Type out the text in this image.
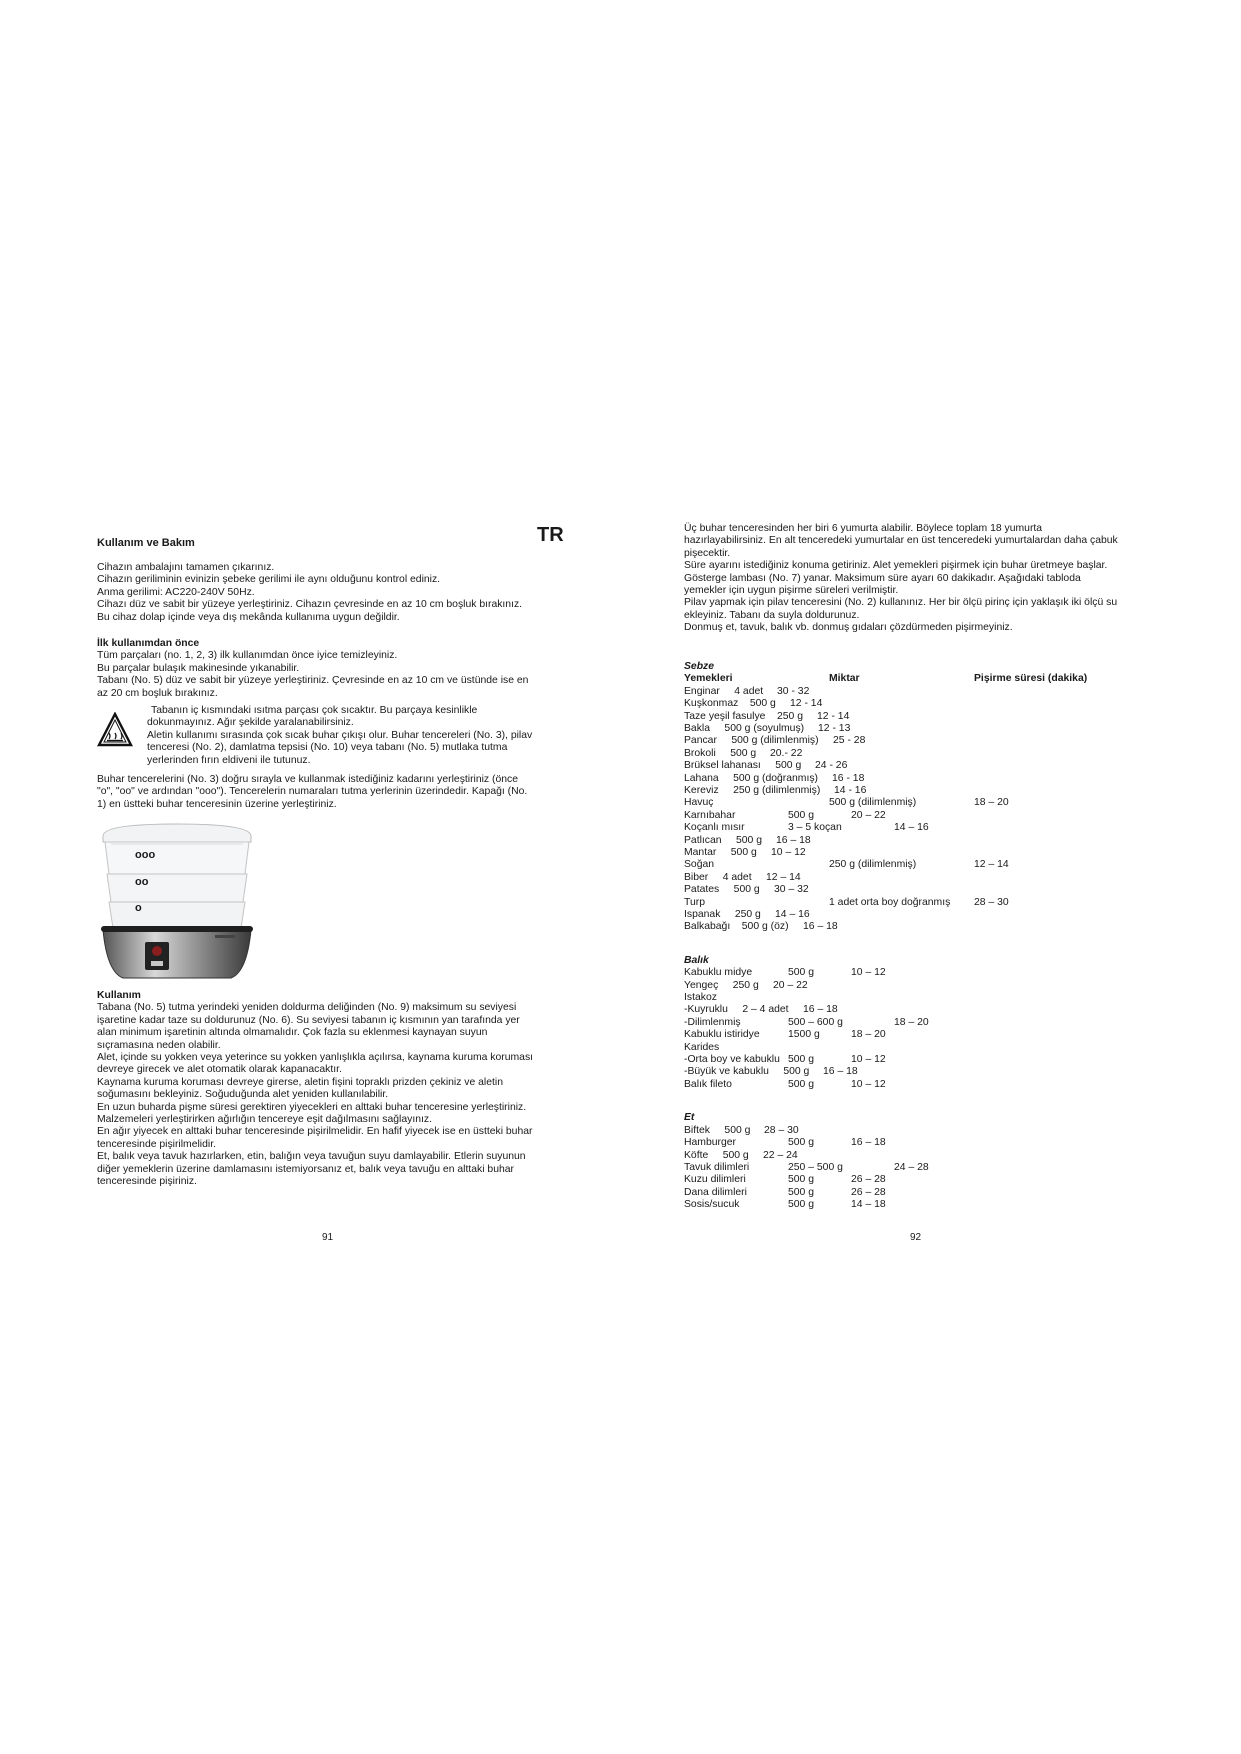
Kullanım ve Bakım	TR

Cihazın ambalajını tamamen çıkarınız.

Cihazın geriliminin evinizin şebeke gerilimi ile aynı olduğunu kontrol ediniz.

Anma gerilimi: AC220-240V 50Hz.

Cihazı düz ve sabit bir yüzeye yerleştiriniz. Cihazın çevresinde en az 10 cm boşluk bırakınız.

Bu cihaz dolap içinde veya dış mekânda kullanıma uygun değildir.

İlk kullanımdan önce

Tüm parçaları (no. 1, 2, 3) ilk kullanımdan önce iyice temizleyiniz.

Bu parçalar bulaşık makinesinde yıkanabilir.

Tabanı (No. 5) düz ve sabit bir yüzeye yerleştiriniz. Çevresinde en az 10 cm ve üstünde ise en

az 20 cm boşluk bırakınız.

Tabanın iç kısmındaki ısıtma parçası çok sıcaktır. Bu parçaya kesinlikle

dokunmayınız. Ağır şekilde yaralanabilirsiniz.

Aletin kullanımı sırasında çok sıcak buhar çıkışı olur. Buhar tencereleri (No. 3), pilav

tenceresi (No. 2), damlatma tepsisi (No. 10) veya tabanı (No. 5) mutlaka tutma

yerlerinden fırın eldiveni ile tutunuz.

Buhar tencerelerini (No. 3) doğru sırayla ve kullanmak istediğiniz kadarını yerleştiriniz (önce

"o", "oo" ve ardından "ooo"). Tencerelerin numaraları tutma yerlerinin üzerindedir. Kapağı (No.

1) en üstteki buhar tenceresinin üzerine yerleştiriniz.

ooo
oo
o

Kullanım

Tabana (No. 5) tutma yerindeki yeniden doldurma deliğinden (No. 9) maksimum su seviyesi

işaretine kadar taze su doldurunuz (No. 6). Su seviyesi tabanın iç kısmının yan tarafında yer

alan minimum işaretinin altında olmamalıdır. Çok fazla su eklenmesi kaynayan suyun

sıçramasına neden olabilir.

Alet, içinde su yokken veya yeterince su yokken yanlışlıkla açılırsa, kaynama kuruma koruması

devreye girecek ve alet otomatik olarak kapanacaktır.

Kaynama kuruma koruması devreye girerse, aletin fişini topraklı prizden çekiniz ve aletin

soğumasını bekleyiniz. Soğuduğunda alet yeniden kullanılabilir.

En uzun buharda pişme süresi gerektiren yiyecekleri en alttaki buhar tenceresine yerleştiriniz.

Malzemeleri yerleştirirken ağırlığın tencereye eşit dağılmasını sağlayınız.

En ağır yiyecek en alttaki buhar tenceresinde pişirilmelidir. En hafif yiyecek ise en üstteki buhar

tenceresinde pişirilmelidir.

Et, balık veya tavuk hazırlarken, etin, balığın veya tavuğun suyu damlayabilir. Etlerin suyunun

diğer yemeklerin üzerine damlamasını istemiyorsanız et, balık veya tavuğu en alttaki buhar

tenceresinde pişiriniz.

91

Üç buhar tenceresinden her biri 6 yumurta alabilir. Böylece toplam 18 yumurta

hazırlayabilirsiniz. En alt tenceredeki yumurtalar en üst tenceredeki yumurtalardan daha çabuk

pişecektir.

Süre ayarını istediğiniz konuma getiriniz. Alet yemekleri pişirmek için buhar üretmeye başlar.

Gösterge lambası (No. 7) yanar. Maksimum süre ayarı 60 dakikadır. Aşağıdaki tabloda

yemekler için uygun pişirme süreleri verilmiştir.

Pilav yapmak için pilav tenceresini (No. 2) kullanınız. Her bir ölçü pirinç için yaklaşık iki ölçü su

ekleyiniz. Tabanı da suyla doldurunuz.

Donmuş et, tavuk, balık vb. donmuş gıdaları çözdürmeden pişirmeyiniz.

Sebze
Yemekleri	Miktar	Pişirme süresi (dakika)
Enginar     4 adet 30 - 32
Kuşkonmaz    500 g 12 - 14
Taze yeşil fasulye    250 g 12 - 14
Bakla     500 g (soyulmuş) 12 - 13
Pancar     500 g (dilimlenmiş) 25 - 28
Brokoli     500 g 20.- 22
Brüksel lahanası     500 g 24 - 26
Lahana     500 g (doğranmış) 16 - 18
Kereviz     250 g (dilimlenmiş) 14 - 16
Havuç	500 g (dilimlenmiş)	18 – 20
Karnıbahar	500 g	20 – 22
Koçanlı mısır	3 – 5 koçan	14 – 16
Patlıcan     500 g 16 – 18
Mantar     500 g 10 – 12
Soğan	250 g (dilimlenmiş)	12 – 14
Biber     4 adet 12 – 14
Patates     500 g 30 – 32
Turp	1 adet orta boy doğranmış 28 – 30
Ispanak     250 g 14 – 16
Balkabağı    500 g (öz) 16 – 18
Balık
Kabuklu midye	500 g	10 – 12
Yengeç     250 g 20 – 22
Istakoz
-Kuyruklu     2 – 4 adet 16 – 18
-Dilimlenmiş	500 – 600 g	18 – 20
Kabuklu istiridye	1500 g	18 – 20
Karides
-Orta boy ve kabuklu 500 g	10 – 12
-Büyük ve kabuklu     500 g 16 – 18
Balık fileto	500 g	10 – 12
Et
Biftek     500 g 28 – 30
Hamburger	500 g	16 – 18
Köfte     500 g 22 – 24
Tavuk dilimleri	250 – 500 g	24 – 28
Kuzu dilimleri	500 g	26 – 28
Dana dilimleri	500 g	26 – 28
Sosis/sucuk	500 g	14 – 18
92
